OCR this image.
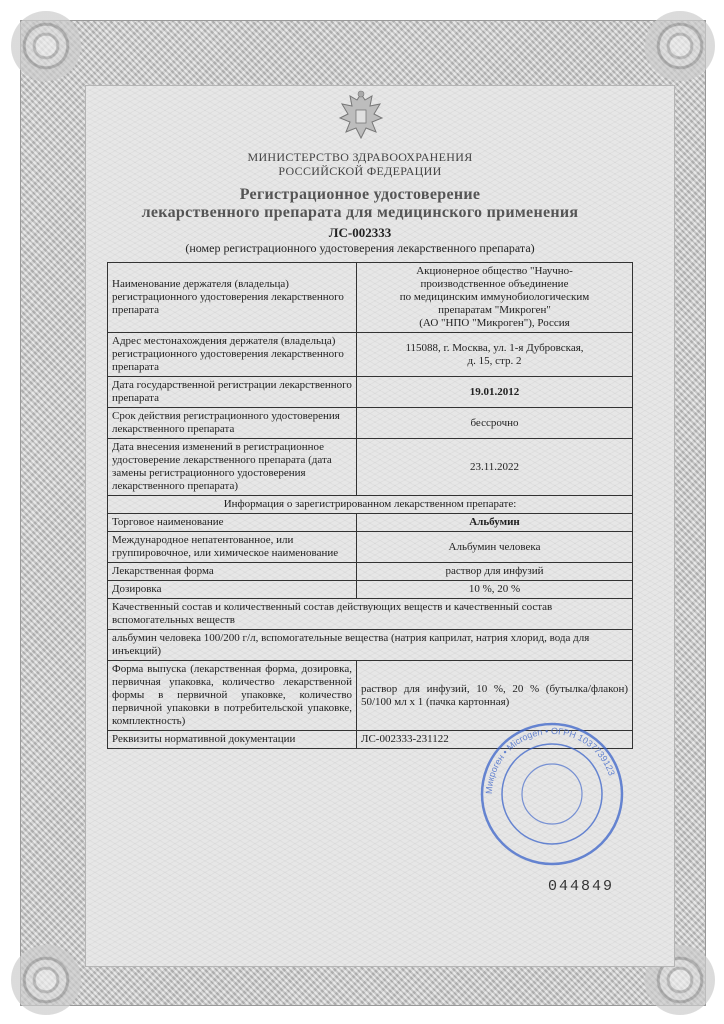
МИНИСТЕРСТВО ЗДРАВООХРАНЕНИЯ
РОССИЙСКОЙ ФЕДЕРАЦИИ
Регистрационное удостоверение
лекарственного препарата для медицинского применения
ЛС-002333
(номер регистрационного удостоверения лекарственного препарата)
Наименование держателя (владельца) регистрационного удостоверения лекарственного препарата	Акционерное общество "Научно-
производственное объединение
по медицинским иммунобиологическим
препаратам "Микроген"
(АО "НПО "Микроген"), Россия

Адрес местонахождения держателя (владельца) регистрационного удостоверения лекарственного препарата	115088, г. Москва, ул. 1-я Дубровская,
д. 15, стр. 2

Дата государственной регистрации лекарственного препарата	19.01.2012
Срок действия регистрационного удостоверения лекарственного препарата	бессрочно
Дата внесения изменений в регистрационное удостоверение лекарственного препарата (дата замены регистрационного удостоверения лекарственного препарата)	23.11.2022
Информация о зарегистрированном лекарственном препарате:	
Торговое наименование	Альбумин
Международное непатентованное, или группировочное, или химическое наименование	Альбумин человека
Лекарственная форма	раствор для инфузий
Дозировка	10 %, 20 %
Качественный состав и количественный состав действующих веществ и качественный состав вспомогательных веществ	
альбумин человека 100/200 г/л, вспомогательные вещества (натрия каприлат, натрия хлорид, вода для инъекций)	
Форма выпуска (лекарственная форма, дозировка, первичная упаковка, количество лекарственной формы в первичной упаковке, количество первичной упаковки в потребительской упаковке, комплектность)	раствор для инфузий, 10 %, 20 % (бутылка/флакон) 50/100 мл x 1 (пачка картонная)
Реквизиты нормативной документации	ЛС-002333-231122
Микроген • Microgen • ОГРН 1037739123
044849
